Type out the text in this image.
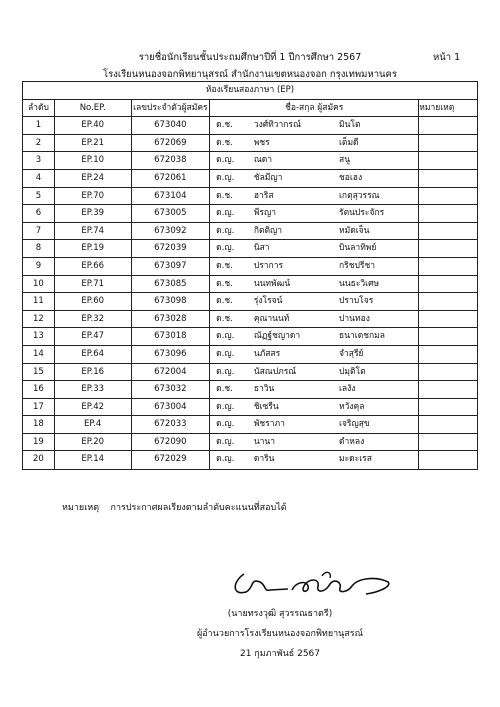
รายชื่อนักเรียนชั้นประถมศึกษาปีที่ 1 ปีการศึกษา 2567	หน้า 1
โรงเรียนหนองจอกพิทยานุสรณ์ สำนักงานเขตหนองจอก กรุงเทพมหานคร
ห้องเรียนสองภาษา (EP)
ลำดับ	No.EP.	เลขประจำตัวผู้สมัคร	ชื่อ-สกุล ผู้สมัคร	หมายเหตุ
1	EP.40	673040	ด.ช.	วงศ์ทิวากรณ์	มินโต
2	EP.21	672069	ด.ช.	พชร	เต็มดี
3	EP.10	672038	ด.ญ.	ณดา	สนู
4	EP.24	672061	ด.ญ.	ชัลมีญา	ชอเฮง
5	EP.70	673104	ด.ช.	ฮาริส	เกตุสุวรรณ
6	EP.39	673005	ด.ญ.	พีรญา	รัตนประจักร
7	EP.74	673092	ด.ญ.	กิตติญา	หมัดเจ็น
8	EP.19	672039	ด.ญ.	นิสา	บินลาทิพย์
9	EP.66	673097	ด.ช.	ปราการ	กริชปรีชา
10	EP.71	673085	ด.ช.	นนทพัฒน์	นนธะวิเศษ
11	EP.60	673098	ด.ช.	รุ่งโรจน์	ปราบโจร
12	EP.32	673028	ด.ช.	คุณานนท์	ปานทอง
13	EP.47	673018	ด.ญ.	ณัฏฐ์ชญาดา	ธนาเดชกมล
14	EP.64	673096	ด.ญ.	นภัสสร	จำสุรีย์
15	EP.16	672004	ด.ญ.	นัสณปภรณ์	ปมุติโต
16	EP.33	673032	ด.ช.	ธาวิน	เลงัง
17	EP.42	673004	ด.ญ.	ชิเซรีน	หวังคุล
18	EP.4	672033	ด.ญ.	พัชราภา	เจริญสุข
19	EP.20	672090	ด.ญ.	นานา	ดำหลง
20	EP.14	672029	ด.ญ.	ดาริน	มะดะเรส
หมายเหตุ การประกาศผลเรียงตามลำดับคะแนนที่สอบได้
(นายทรงวุฒิ สุวรรณธาตรี)
ผู้อำนวยการโรงเรียนหนองจอกพิทยานุสรณ์
21 กุมภาพันธ์ 2567
